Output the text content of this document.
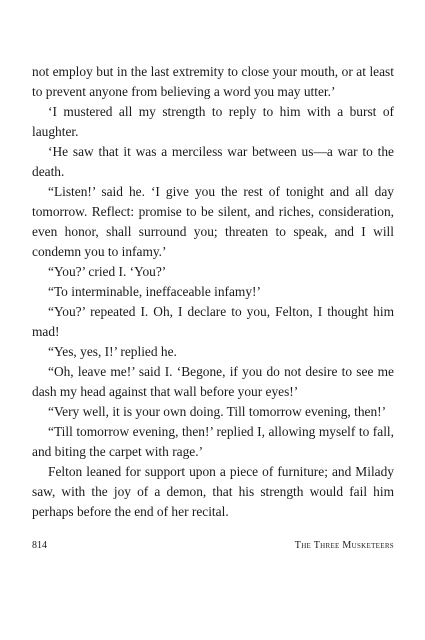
not employ but in the last extremity to close your mouth, or at least to prevent anyone from believing a word you may utter.’

‘I mustered all my strength to reply to him with a burst of laughter.

‘He saw that it was a merciless war between us—a war to the death.

“Listen!’ said he. ‘I give you the rest of tonight and all day tomorrow. Reflect: promise to be silent, and riches, consideration, even honor, shall surround you; threaten to speak, and I will condemn you to infamy.’

“You?’ cried I. ‘You?’

“To interminable, ineffaceable infamy!’

“You?’ repeated I. Oh, I declare to you, Felton, I thought him mad!

“Yes, yes, I!’ replied he.

“Oh, leave me!’ said I. ‘Begone, if you do not desire to see me dash my head against that wall before your eyes!’

“Very well, it is your own doing. Till tomorrow evening, then!’

“Till tomorrow evening, then!’ replied I, allowing myself to fall, and biting the carpet with rage.’

Felton leaned for support upon a piece of furniture; and Milady saw, with the joy of a demon, that his strength would fail him perhaps before the end of her recital.

814	The Three Musketeers
